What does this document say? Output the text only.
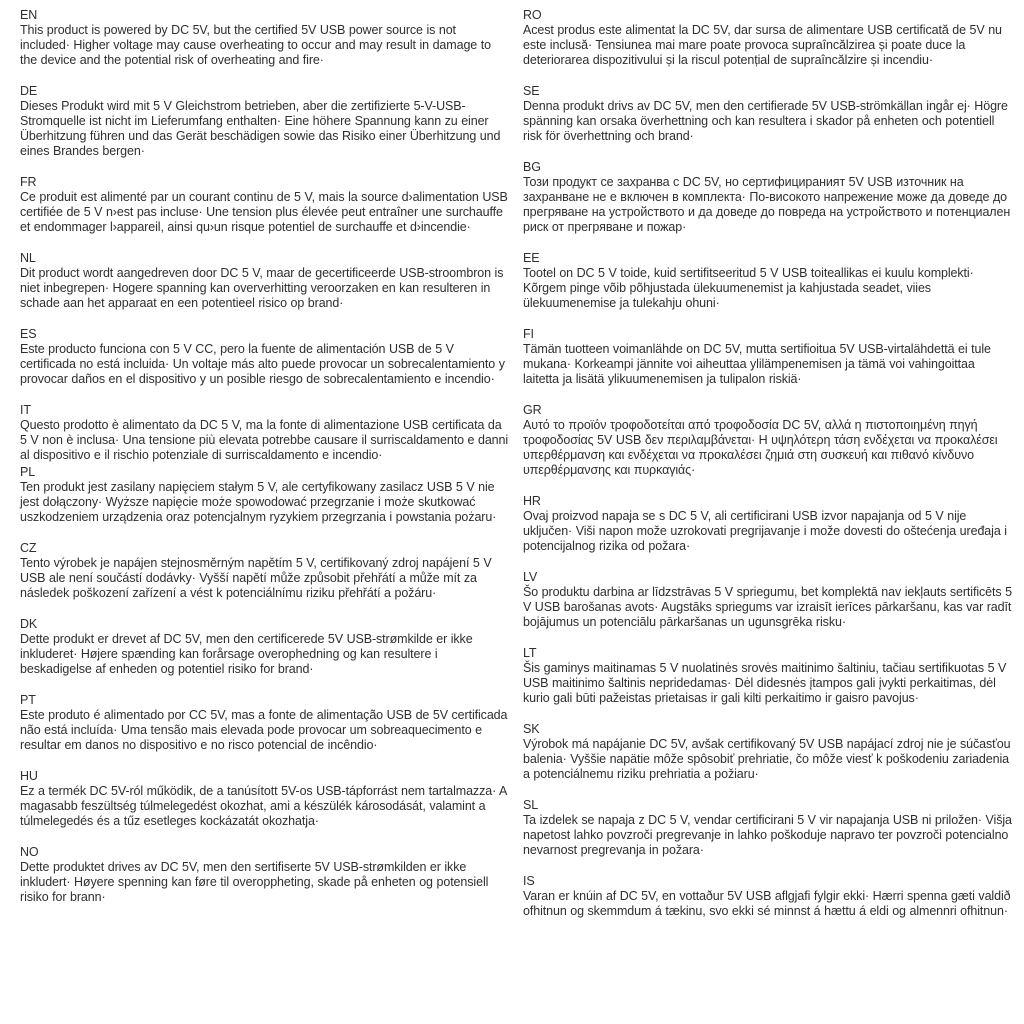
EN

This product is powered by DC 5V, but the certified 5V USB power source is not included· Higher voltage may cause overheating to occur and may result in damage to the device and the potential risk of overheating and fire·

DE

Dieses Produkt wird mit 5 V Gleichstrom betrieben, aber die zertifizierte 5-V-USB-Stromquelle ist nicht im Lieferumfang enthalten· Eine höhere Spannung kann zu einer Überhitzung führen und das Gerät beschädigen sowie das Risiko einer Überhitzung und eines Brandes bergen·

FR

Ce produit est alimenté par un courant continu de 5 V, mais la source d›alimentation USB certifiée de 5 V n›est pas incluse· Une tension plus élevée peut entraîner une surchauffe et endommager l›appareil, ainsi qu›un risque potentiel de surchauffe et d›incendie·

NL

Dit product wordt aangedreven door DC 5 V, maar de gecertificeerde USB-stroombron is niet inbegrepen· Hogere spanning kan oververhitting veroorzaken en kan resulteren in schade aan het apparaat en een potentieel risico op brand·

ES

Este producto funciona con 5 V CC, pero la fuente de alimentación USB de 5 V certificada no está incluida· Un voltaje más alto puede provocar un sobrecalentamiento y provocar daños en el dispositivo y un posible riesgo de sobrecalentamiento e incendio·

IT

Questo prodotto è alimentato da DC 5 V, ma la fonte di alimentazione USB certificata da 5 V non è inclusa· Una tensione più elevata potrebbe causare il surriscaldamento e danni al dispositivo e il rischio potenziale di surriscaldamento e incendio·

PL

Ten produkt jest zasilany napięciem stałym 5 V, ale certyfikowany zasilacz USB 5 V nie jest dołączony· Wyższe napięcie może spowodować przegrzanie i może skutkować uszkodzeniem urządzenia oraz potencjalnym ryzykiem przegrzania i powstania pożaru·

CZ

Tento výrobek je napájen stejnosměrným napětím 5 V, certifikovaný zdroj napájení 5 V USB ale není součástí dodávky· Vyšší napětí může způsobit přehřátí a může mít za následek poškození zařízení a vést k potenciálnímu riziku přehřátí a požáru·

DK

Dette produkt er drevet af DC 5V, men den certificerede 5V USB-strømkilde er ikke inkluderet· Højere spænding kan forårsage overophedning og kan resultere i beskadigelse af enheden og potentiel risiko for brand·

PT

Este produto é alimentado por CC 5V, mas a fonte de alimentação USB de 5V certificada não está incluída· Uma tensão mais elevada pode provocar um sobreaquecimento e resultar em danos no dispositivo e no risco potencial de incêndio·

HU

Ez a termék DC 5V-ról működik, de a tanúsított 5V-os USB-tápforrást nem tartalmazza· A magasabb feszültség túlmelegedést okozhat, ami a készülék károsodását, valamint a túlmelegedés és a tűz esetleges kockázatát okozhatja·

NO

Dette produktet drives av DC 5V, men den sertifiserte 5V USB-strømkilden er ikke inkludert· Høyere spenning kan føre til overoppheting, skade på enheten og potensiell risiko for brann·

RO

Acest produs este alimentat la DC 5V, dar sursa de alimentare USB certificată de 5V nu este inclusă· Tensiunea mai mare poate provoca supraîncălzirea și poate duce la deteriorarea dispozitivului și la riscul potențial de supraîncălzire și incendiu·

SE

Denna produkt drivs av DC 5V, men den certifierade 5V USB-strömkällan ingår ej· Högre spänning kan orsaka överhettning och kan resultera i skador på enheten och potentiell risk för överhettning och brand·

BG

Този продукт се захранва с DC 5V, но сертифицираният 5V USB източник на захранване не е включен в комплекта· По-високото напрежение може да доведе до прегряване на устройството и да доведе до повреда на устройството и потенциален риск от прегряване и пожар·

EE

Tootel on DC 5 V toide, kuid sertifitseeritud 5 V USB toiteallikas ei kuulu komplekti· Kõrgem pinge võib põhjustada ülekuumenemist ja kahjustada seadet, viies ülekuumenemise ja tulekahju ohuni·

FI

Tämän tuotteen voimanlähde on DC 5V, mutta sertifioitua 5V USB-virtalähdettä ei tule mukana· Korkeampi jännite voi aiheuttaa ylilämpenemisen ja tämä voi vahingoittaa laitetta ja lisätä ylikuumenemisen ja tulipalon riskiä·

GR

Αυτό το προϊόν τροφοδοτείται από τροφοδοσία DC 5V, αλλά η πιστοποιημένη πηγή τροφοδοσίας 5V USB δεν περιλαμβάνεται· Η υψηλότερη τάση ενδέχεται να προκαλέσει υπερθέρμανση και ενδέχεται να προκαλέσει ζημιά στη συσκευή και πιθανό κίνδυνο υπερθέρμανσης και πυρκαγιάς·

HR

Ovaj proizvod napaja se s DC 5 V, ali certificirani USB izvor napajanja od 5 V nije uključen· Viši napon može uzrokovati pregrijavanje i može dovesti do oštećenja uređaja i potencijalnog rizika od požara·

LV

Šo produktu darbina ar līdzstrāvas 5 V spriegumu, bet komplektā nav iekļauts sertificēts 5 V USB barošanas avots· Augstāks spriegums var izraisīt ierīces pārkaršanu, kas var radīt bojājumus un potenciālu pārkaršanas un ugunsgrēka risku·

LT

Šis gaminys maitinamas 5 V nuolatinės srovės maitinimo šaltiniu, tačiau sertifikuotas 5 V USB maitinimo šaltinis nepridedamas· Dėl didesnės įtampos gali įvykti perkaitimas, dėl kurio gali būti pažeistas prietaisas ir gali kilti perkaitimo ir gaisro pavojus·

SK

Výrobok má napájanie DC 5V, avšak certifikovaný 5V USB napájací zdroj nie je súčasťou balenia· Vyššie napätie môže spôsobiť prehriatie, čo môže viesť k poškodeniu zariadenia a potenciálnemu riziku prehriatia a požiaru·

SL

Ta izdelek se napaja z DC 5 V, vendar certificirani 5 V vir napajanja USB ni priložen· Višja napetost lahko povzroči pregrevanje in lahko poškoduje napravo ter povzroči potencialno nevarnost pregrevanja in požara·

IS

Varan er knúin af DC 5V, en vottaður 5V USB aflgjafi fylgir ekki· Hærri spenna gæti valdið ofhitnun og skemmdum á tækinu, svo ekki sé minnst á hættu á eldi og almennri ofhitnun·
